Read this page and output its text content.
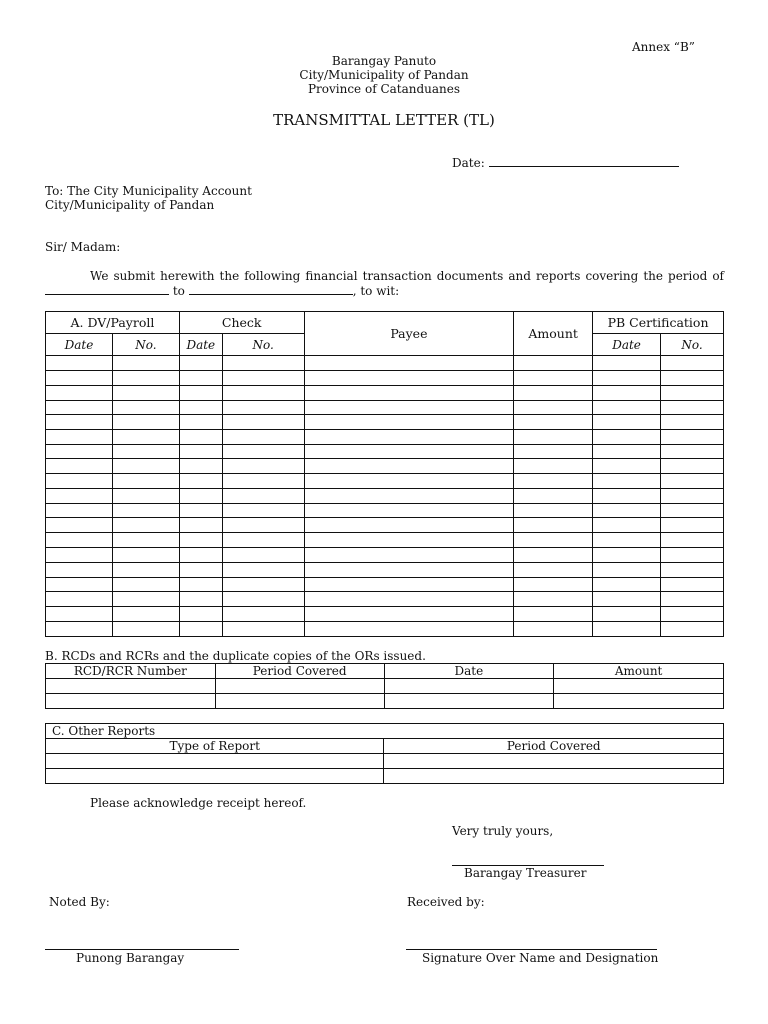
Annex “B”
Barangay Panuto
City/Municipality of Pandan
Province of Catanduanes
TRANSMITTAL LETTER (TL)
Date:
To: The City Municipality Account
City/Municipality of Pandan
Sir/ Madam:
We submit herewith the following financial transaction documents and reports covering the period of
to	, to wit:
A. DV/Payroll		Check		Payee	Amount	PB Certification	
Date	No.	Date	No.			Date	No.

B. RCDs and RCRs and the duplicate copies of the ORs issued.
RCD/RCR Number	Period Covered	Date	Amount

C. Other Reports	
Type of Report	Period Covered

Please acknowledge receipt hereof.
Very truly yours,
Barangay Treasurer
Noted By:	Received by:
Punong Barangay	Signature Over Name and Designation
